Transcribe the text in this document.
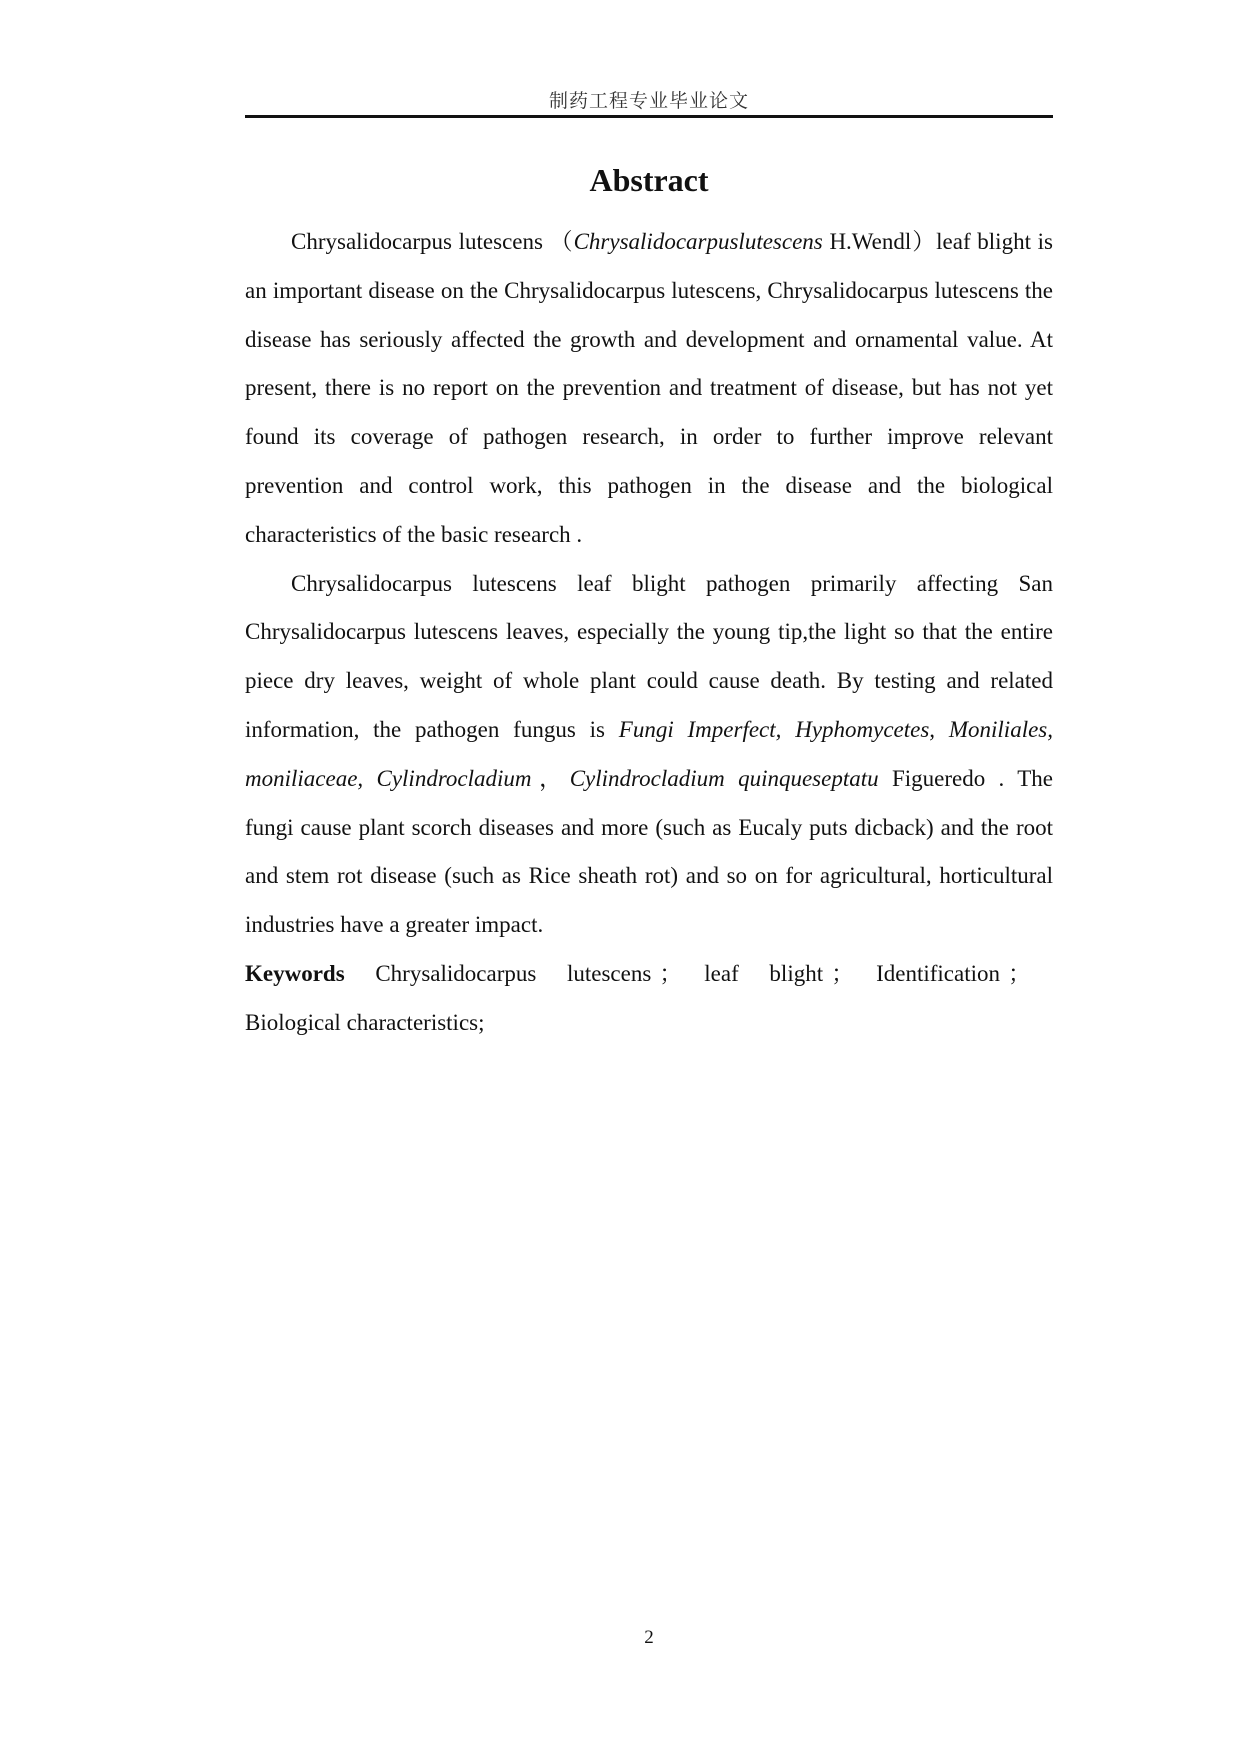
制药工程专业毕业论文
Abstract

Chrysalidocarpus lutescens （Chrysalidocarpuslutescens H.Wendl）leaf blight is an important disease on the Chrysalidocarpus lutescens, Chrysalidocarpus lutescens the disease has seriously affected the growth and development and ornamental value. At present, there is no report on the prevention and treatment of disease, but has not yet found its coverage of pathogen research, in order to further improve relevant prevention and control work, this pathogen in the disease and the biological characteristics of the basic research .

Chrysalidocarpus lutescens leaf blight pathogen primarily affecting San Chrysalidocarpus lutescens leaves, especially the young tip,the light so that the entire piece dry leaves, weight of whole plant could cause death. By testing and related information, the pathogen fungus is Fungi Imperfect, Hyphomycetes, Moniliales, moniliaceae, Cylindrocladium，Cylindrocladium quinqueseptatu Figueredo . The fungi cause plant scorch diseases and more (such as Eucaly puts dicback) and the root and stem rot disease (such as Rice sheath rot) and so on for agricultural, horticultural industries have a greater impact.

Keywords Chrysalidocarpus lutescens ； leaf blight ； Identification ；Biological characteristics;

2
